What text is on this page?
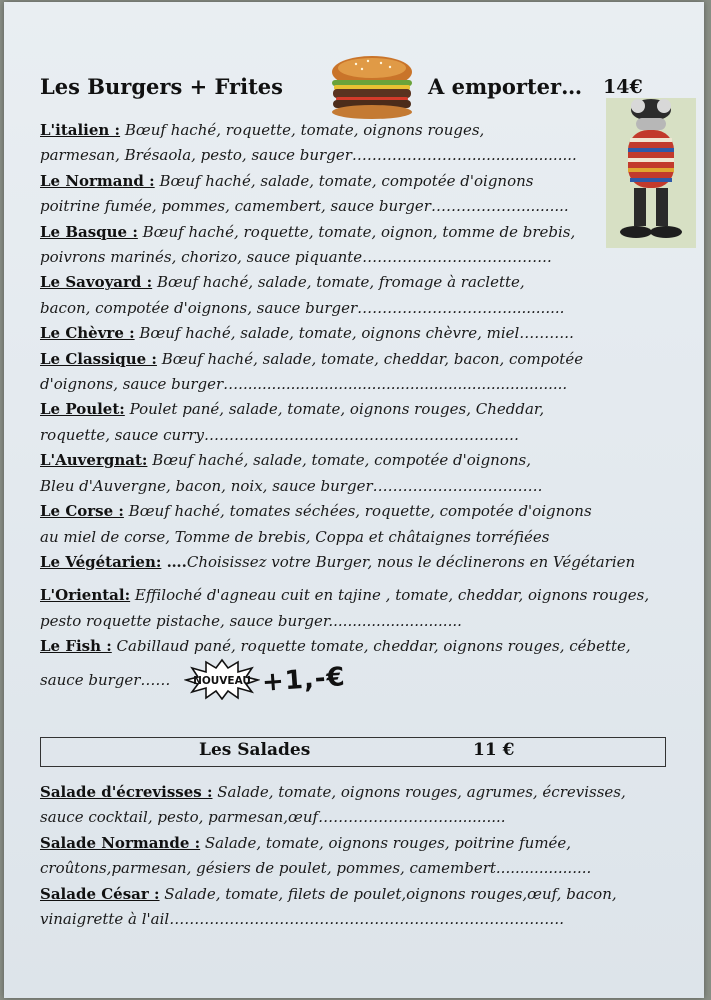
Les Burgers + Frites	A emporter… 14€
L'italien : Bœuf haché, roquette, tomate, oignons rouges,
parmesan, Brésaola, pesto, sauce burger……………………......................
Le Normand : Bœuf haché, salade, tomate, compotée d'oignons
poitrine fumée, pommes, camembert, sauce burger………………..........
Le Basque : Bœuf haché, roquette, tomate, oignon, tomme de brebis,
poivrons marinés, chorizo, sauce piquante………………………………..
Le Savoyard : Bœuf haché, salade, tomate, fromage à raclette,
bacon, compotée d'oignons, sauce burger…………………………............
Le Chèvre : Bœuf haché, salade, tomate, oignons chèvre, miel………..
Le Classique : Bœuf haché, salade, tomate, cheddar, bacon, compotée
d'oignons, sauce burger….....................................................................
Le Poulet: Poulet pané, salade, tomate, oignons rouges, Cheddar,
roquette, sauce curry………………………………………………………
L'Auvergnat: Bœuf haché, salade, tomate, compotée d'oignons,
Bleu d'Auvergne, bacon, noix, sauce burger…………………………….
Le Corse : Bœuf haché, tomates séchées, roquette, compotée d'oignons
au miel de corse, Tomme de brebis, Coppa et châtaignes torréfiées
Le Végétarien: ….Choisissez votre Burger, nous le déclinerons en Végétarien
L'Oriental: Effiloché d'agneau cuit en tajine , tomate, cheddar, oignons rouges,
pesto roquette pistache, sauce burger............................
Le Fish : Cabillaud pané, roquette tomate, cheddar, oignons rouges, cébette,
sauce burger…… NOUVEAU +1,-€
Les Salades	11 €
Salade d'écrevisses : Salade, tomate, oignons rouges, agrumes, écrevisses,
sauce cocktail, pesto, parmesan,œuf………………………...........
Salade Normande : Salade, tomate, oignons rouges, poitrine fumée,
croûtons,parmesan, gésiers de poulet, pommes, camembert....................
Salade César : Salade, tomate, filets de poulet,oignons rouges,œuf, bacon,
vinaigrette à l'ail…………………………………………………………………….
